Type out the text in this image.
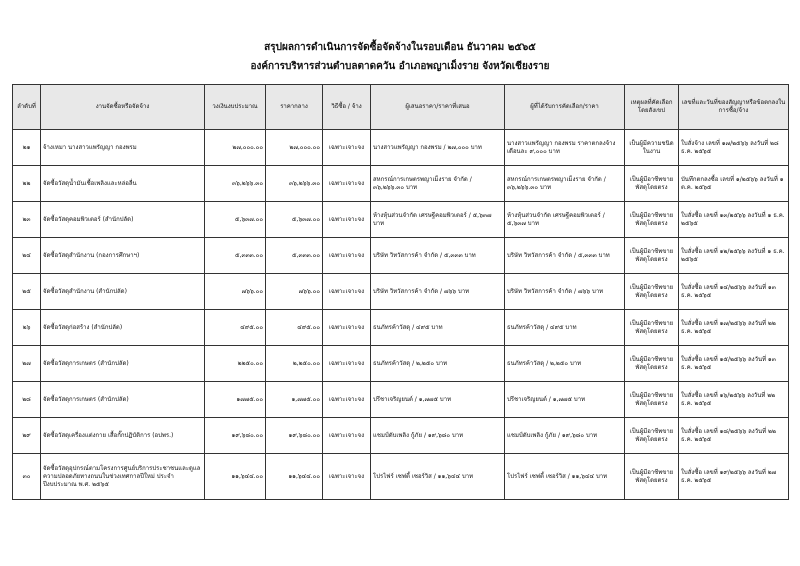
สรุปผลการดำเนินการจัดซื้อจัดจ้างในรอบเดือน ธันวาคม ๒๕๖๕
องค์การบริหารส่วนตำบลตาดควัน อำเภอพญาเม็งราย จังหวัดเชียงราย
ลำดับที่	งานจัดซื้อหรือจัดจ้าง	วงเงินงบประมาณ	ราคากลาง	วิธีซื้อ / จ้าง	ผู้เสนอราคา/ราคาที่เสนอ	ผู้ที่ได้รับการคัดเลือก/ราคา	เหตุผลที่คัดเลือกโดยสังเขป	เลขที่และวันที่ของสัญญาหรือข้อตกลงในการซื้อ/จ้าง
๒๑	จ้างเหมา นางสาวแพรัญญา กองพรม	๒๗,๐๐๐.๐๐	๒๗,๐๐๐.๐๐	เฉพาะเจาะจง	นางสาวแพรัญญา กองพรม / ๒๗,๐๐๐ บาท	นางสาวแพรัญญา กองพรม ราคาตกลงจ้าง เดือนละ ๙,๐๐๐ บาท	เป็นผู้มีความชนิดในงาน	ใบสั่งจ้าง เลขที่ ๑๗/๒๕๖๖ ลงวันที่ ๒๘ ธ.ค. ๒๕๖๕
๒๒	จัดซื้อวัสดุน้ำมันเชื้อเพลิงและหล่อลื่น	๓๖,๒๖๖.๓๐	๓๖,๒๖๖.๓๐	เฉพาะเจาะจง	สหกรณ์การเกษตรพญาเม็งราย จำกัด / ๓๖,๒๖๖.๓๐ บาท	สหกรณ์การเกษตรพญาเม็งราย จำกัด / ๓๖,๒๖๖.๓๐ บาท	เป็นผู้มีอาชีพขายพัสดุโดยตรง	บันทึกตกลงซื้อ เลขที่ ๑/๒๕๖๖ ลงวันที่ ๑ ต.ค. ๒๕๖๕
๒๓	จัดซื้อวัสดุคอมพิวเตอร์ (สำนักปลัด)	๕,๖๓๗.๐๐	๕,๖๓๗.๐๐	เฉพาะเจาะจง	ห้างหุ้นส่วนจำกัด เศรษฐีคอมพิวเตอร์ / ๕,๖๓๗ บาท	ห้างหุ้นส่วนจำกัด เศรษฐีคอมพิวเตอร์ / ๕,๖๓๗ บาท	เป็นผู้มีอาชีพขายพัสดุโดยตรง	ใบสั่งซื้อ เลขที่ ๑๓/๒๕๖๖ ลงวันที่ ๑ ธ.ค. ๒๕๖๕
๒๔	จัดซื้อวัสดุสำนักงาน (กองการศึกษาฯ)	๕,๓๓๓.๐๐	๕,๓๓๓.๐๐	เฉพาะเจาะจง	บริษัท วิทวัสการค้า จำกัด / ๕,๓๓๓ บาท	บริษัท วิทวัสการค้า จำกัด / ๕,๓๓๓ บาท	เป็นผู้มีอาชีพขายพัสดุโดยตรง	ใบสั่งซื้อ เลขที่ ๑๒/๒๕๖๖ ลงวันที่ ๑ ธ.ค. ๒๕๖๕
๒๕	จัดซื้อวัสดุสำนักงาน (สำนักปลัด)	๗๖๖.๐๐	๗๖๖.๐๐	เฉพาะเจาะจง	บริษัท วิทวัสการค้า จำกัด / ๗๖๖ บาท	บริษัท วิทวัสการค้า จำกัด / ๗๖๖ บาท	เป็นผู้มีอาชีพขายพัสดุโดยตรง	ใบสั่งซื้อ เลขที่ ๑๔/๒๕๖๖ ลงวันที่ ๑๓ ธ.ค. ๒๕๖๕
๒๖	จัดซื้อวัสดุก่อสร้าง (สำนักปลัด)	๔๙๕.๐๐	๔๙๕.๐๐	เฉพาะเจาะจง	ธนภัทรค้าวัสดุ / ๔๙๕ บาท	ธนภัทรค้าวัสดุ / ๔๙๕ บาท	เป็นผู้มีอาชีพขายพัสดุโดยตรง	ใบสั่งซื้อ เลขที่ ๑๗/๒๕๖๖ ลงวันที่ ๒๒ ธ.ค. ๒๕๖๕
๒๗	จัดซื้อวัสดุการเกษตร (สำนักปลัด)	๒๒๕๐.๐๐	๒,๒๕๐.๐๐	เฉพาะเจาะจง	ธนภัทรค้าวัสดุ / ๒,๒๕๐ บาท	ธนภัทรค้าวัสดุ / ๒,๒๕๐ บาท	เป็นผู้มีอาชีพขายพัสดุโดยตรง	ใบสั่งซื้อ เลขที่ ๑๕/๒๕๖๖ ลงวันที่ ๑๓ ธ.ค. ๒๕๖๕
๒๘	จัดซื้อวัสดุการเกษตร (สำนักปลัด)	๑๗๗๕.๐๐	๑,๗๗๕.๐๐	เฉพาะเจาะจง	ปรีชาเจริญยนต์ / ๑,๗๗๕ บาท	ปรีชาเจริญยนต์ / ๑,๗๗๕ บาท	เป็นผู้มีอาชีพขายพัสดุโดยตรง	ใบสั่งซื้อ เลขที่ ๑๖/๒๕๖๖ ลงวันที่ ๒๒ ธ.ค. ๒๕๖๕
๒๙	จัดซื้อวัสดุเครื่องแต่งกาย เสื้อกั๊กปฏิบัติการ (อปพร.)	๑๙,๖๘๐.๐๐	๑๙,๖๘๐.๐๐	เฉพาะเจาะจง	แชมป์ดับเพลิง กู้ภัย / ๑๙,๖๘๐ บาท	แชมป์ดับเพลิง กู้ภัย / ๑๙,๖๘๐ บาท	เป็นผู้มีอาชีพขายพัสดุโดยตรง	ใบสั่งซื้อ เลขที่ ๑๘/๒๕๖๖ ลงวันที่ ๒๒ ธ.ค. ๒๕๖๕
๓๐	จัดซื้อวัสดุอุปกรณ์ตามโครงการศูนย์บริการประชาชนและดูแลความปลอดภัยทางถนนในช่วงเทศกาลปีใหม่ ประจำปีงบประมาณ พ.ศ. ๒๕๖๕	๑๑,๖๔๔.๐๐	๑๑,๖๔๔.๐๐	เฉพาะเจาะจง	โปรไฟร์ เซฟตี้ เซอร์วิส / ๑๑,๖๔๔ บาท	โปรไฟร์ เซฟตี้ เซอร์วิส / ๑๑,๖๔๔ บาท	เป็นผู้มีอาชีพขายพัสดุโดยตรง	ใบสั่งซื้อ เลขที่ ๑๙/๒๕๖๖ ลงวันที่ ๒๗ ธ.ค. ๒๕๖๕
